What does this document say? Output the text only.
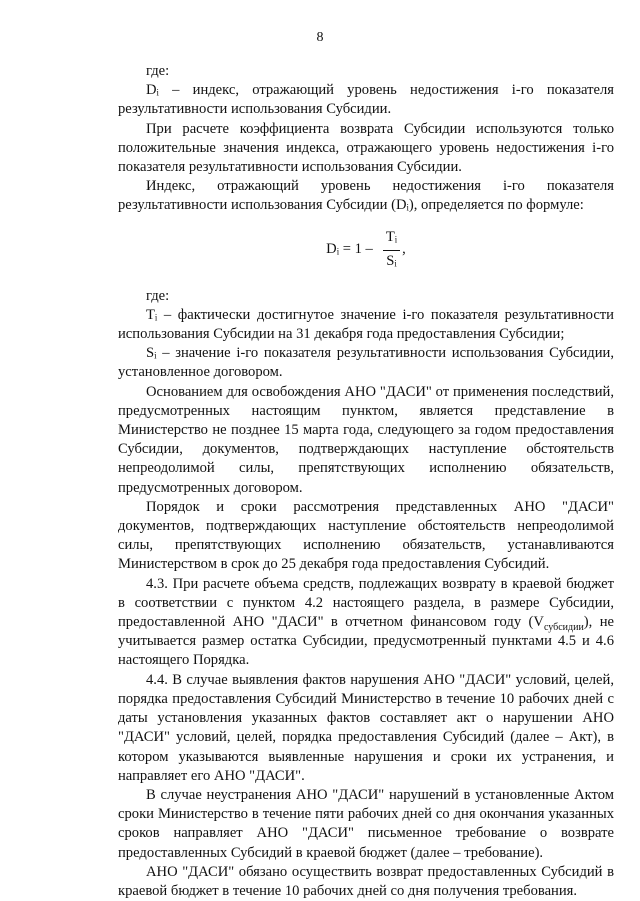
8

где:

Dᵢ – индекс, отражающий уровень недостижения i-го показателя результативности использования Субсидии.

При расчете коэффициента возврата Субсидии используются только положительные значения индекса, отражающего уровень недостижения i-го показателя результативности использования Субсидии.

Индекс, отражающий уровень недостижения i-го показателя результативности использования Субсидии (Dᵢ), определяется по формуле:

Dᵢ = $1 - \frac{\text{Tᵢ}}{\text{Sᵢ}}$ ,

где:

Tᵢ – фактически достигнутое значение i-го показателя результативности использования Субсидии на 31 декабря года предоставления Субсидии;

Sᵢ – значение i-го показателя результативности использования Субсидии, установленное договором.

Основанием для освобождения АНО "ДАСИ" от применения последствий, предусмотренных настоящим пунктом, является представление в Министерство не позднее 15 марта года, следующего за годом предоставления Субсидии, документов, подтверждающих наступление обстоятельств непреодолимой силы, препятствующих исполнению обязательств, предусмотренных договором.

Порядок и сроки рассмотрения представленных АНО "ДАСИ" документов, подтверждающих наступление обстоятельств непреодолимой силы, препятствующих исполнению обязательств, устанавливаются Министерством в срок до 25 декабря года предоставления Субсидий.

4.3. При расчете объема средств, подлежащих возврату в краевой бюджет в соответствии с пунктом 4.2 настоящего раздела, в размере Субсидии, предоставленной АНО "ДАСИ" в отчетном финансовом году $(V_{субсидии})$, не учитывается размер остатка Субсидии, предусмотренный пунктами 4.5 и 4.6 настоящего Порядка.

4.4. В случае выявления фактов нарушения АНО "ДАСИ" условий, целей, порядка предоставления Субсидий Министерство в течение 10 рабочих дней с даты установления указанных фактов составляет акт о нарушении АНО "ДАСИ" условий, целей, порядка предоставления Субсидий (далее – Акт), в котором указываются выявленные нарушения и сроки их устранения, и направляет его АНО "ДАСИ".

В случае неустранения АНО "ДАСИ" нарушений в установленные Актом сроки Министерство в течение пяти рабочих дней со дня окончания указанных сроков направляет АНО "ДАСИ" письменное требование о возврате предоставленных Субсидий в краевой бюджет (далее – требование).

АНО "ДАСИ" обязано осуществить возврат предоставленных Субсидий в краевой бюджет в течение 10 рабочих дней со дня получения требования.
